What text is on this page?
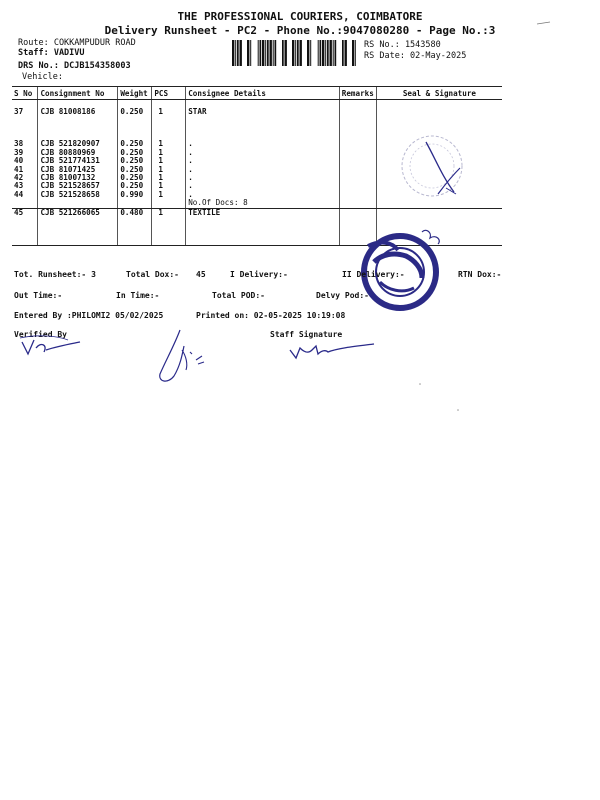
THE PROFESSIONAL COURIERS, COIMBATORE
Delivery Runsheet - PC2 - Phone No.:9047080280 - Page No.:3
Route: COKKAMPUDUR ROAD
Staff: VADIVU
DRS No.: DCJB154358003
Vehicle:
RS No.: 1543580
RS Date: 02-May-2025
S No	Consignment No	Weight	PCS	Consignee Details	Remarks	Seal & Signature

37	CJB 81008186	0.250	1	STAR		

38	CJB 521820907	0.250	1	.		
39	CJB 80880969	0.250	1	.		
40	CJB 521774131	0.250	1	.		
41	CJB 81071425	0.250	1	.		
42	CJB 81007132	0.250	1	.		
43	CJB 521528657	0.250	1	.		
44	CJB 521528658	0.990	1	.		
				No.Of Docs: 8		
45	CJB 521266065	0.480	1	TEXTILE		
Tot. Runsheet:- 3	Total Dox:- 45	I Delivery:-	II Delivery:-	RTN Dox:-
Out Time:-	In Time:-	Total POD:-	Delvy Pod:-
Entered By :PHILOMI2 05/02/2025	Printed on: 02-05-2025 10:19:08
Verified By	Staff Signature
